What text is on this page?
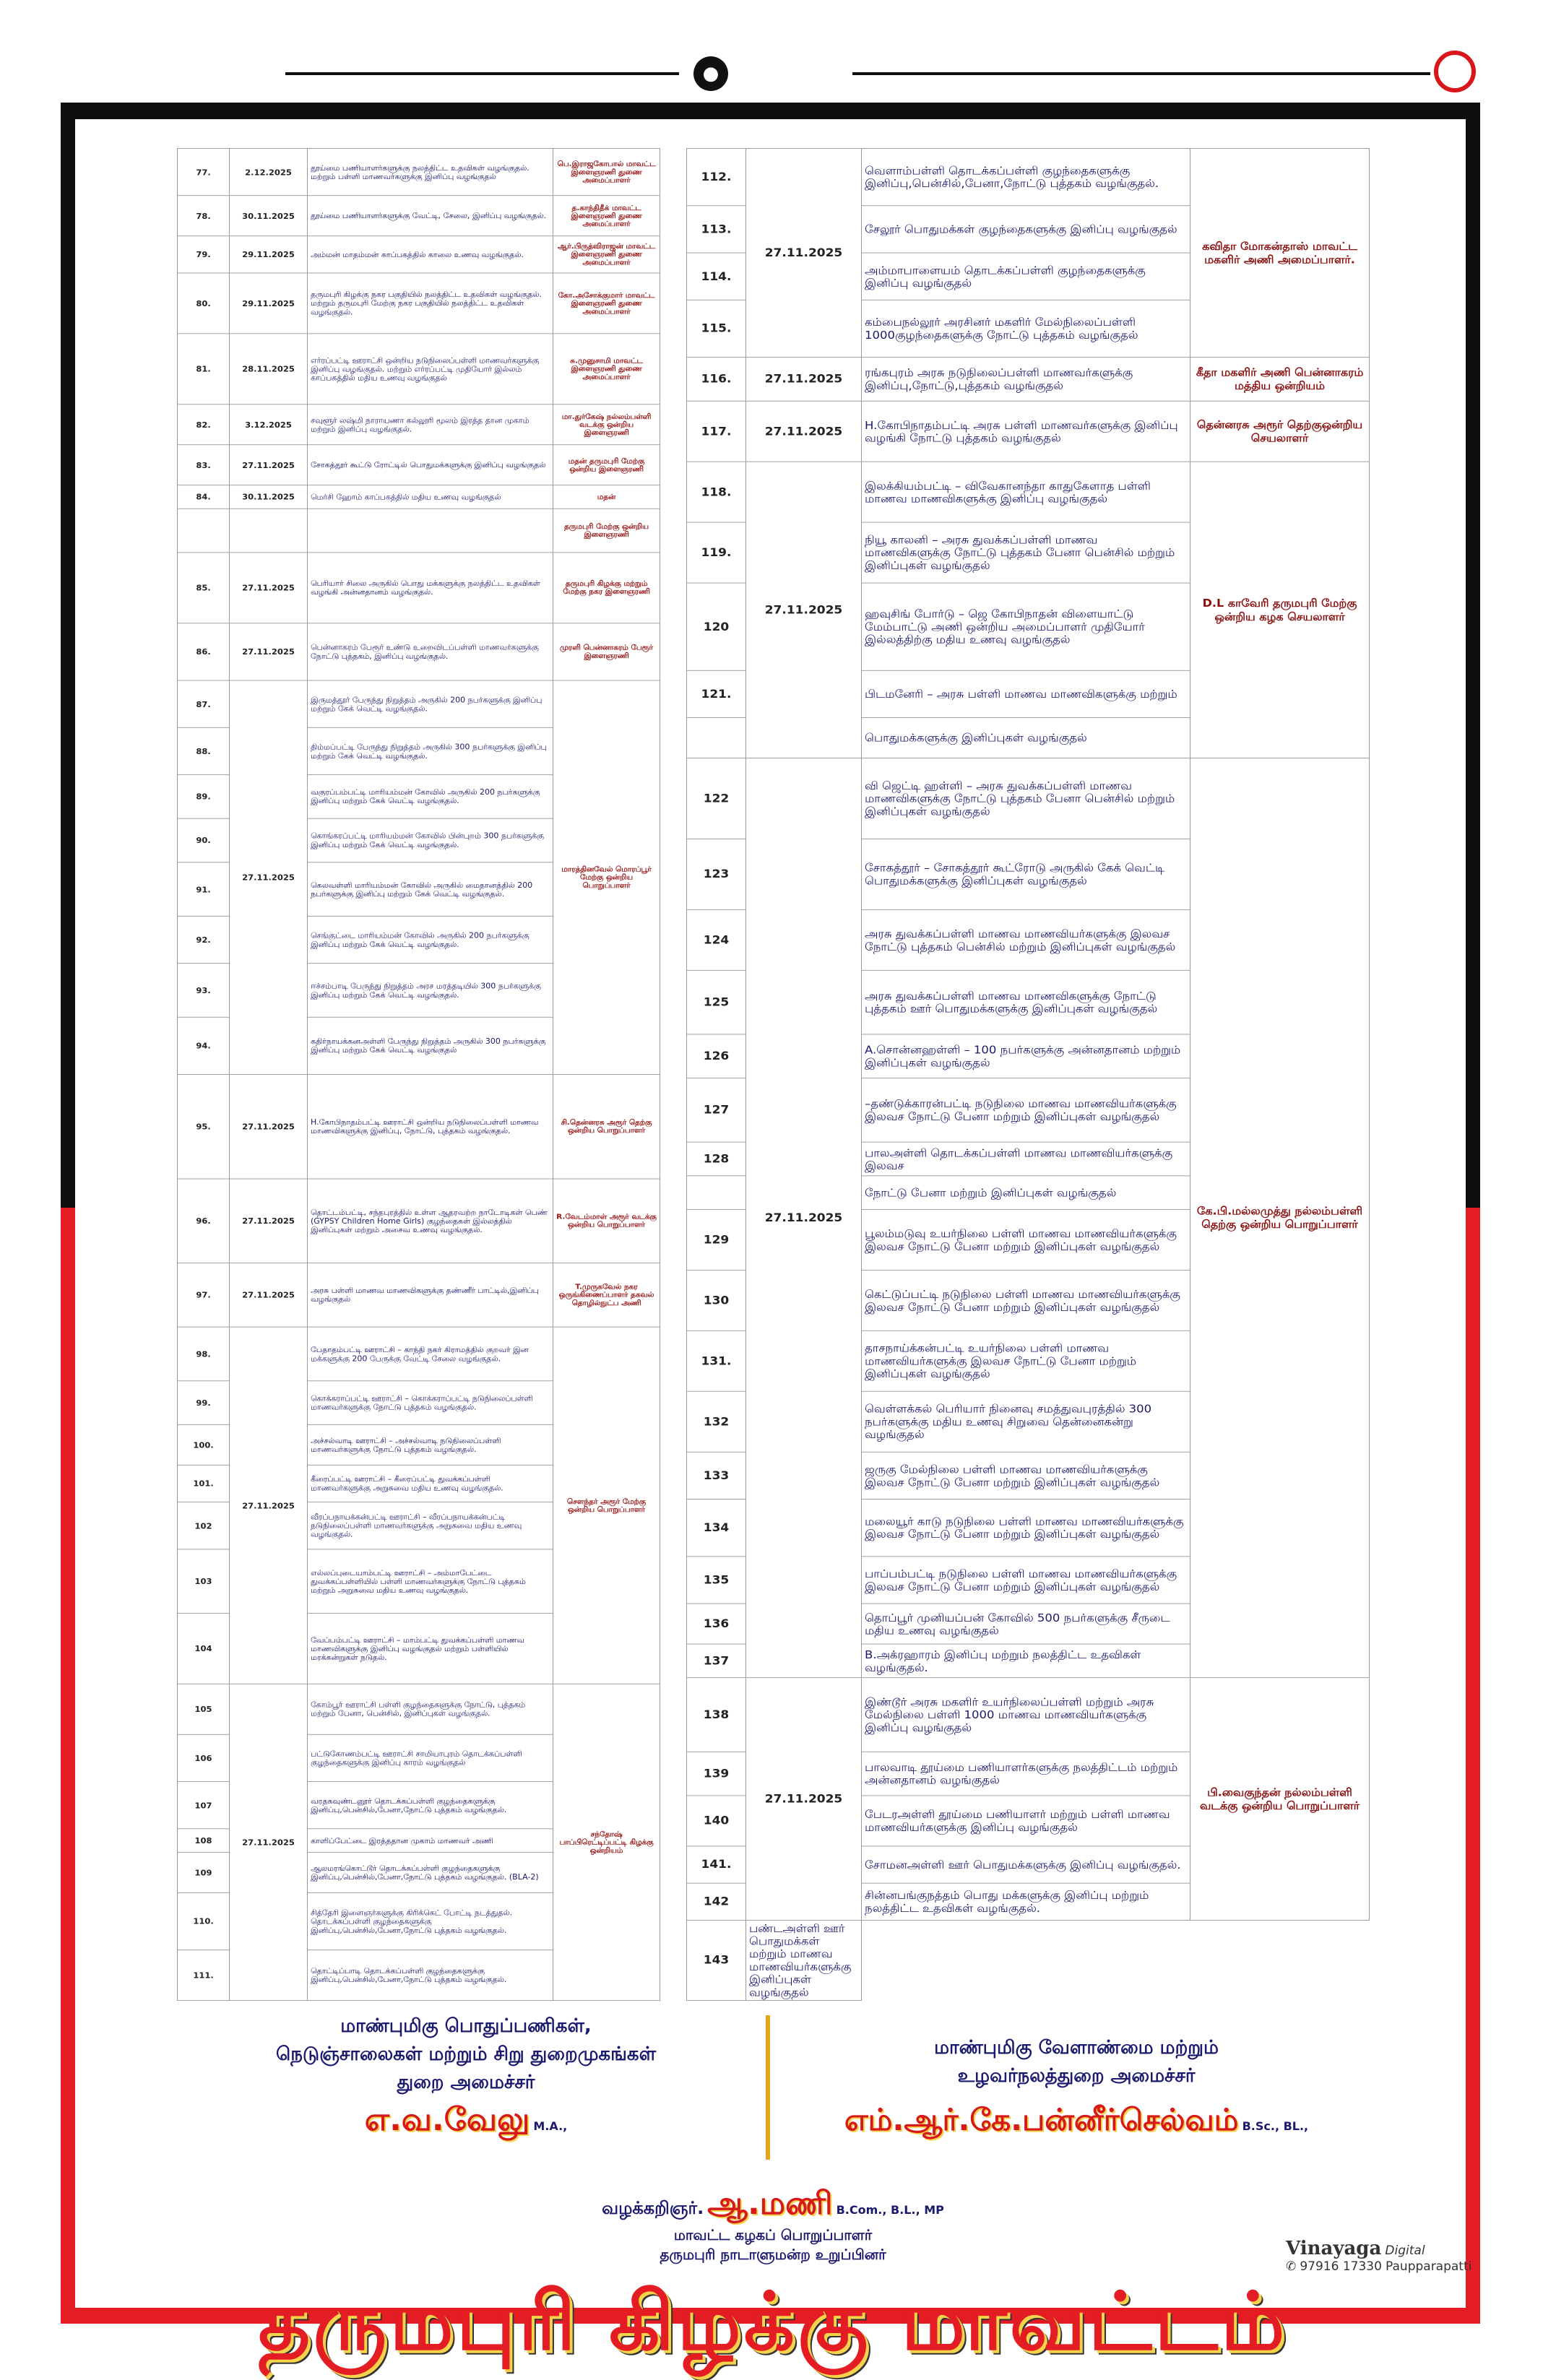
●
77.	2.12.2025	தூய்மை பணியாளர்களுக்கு நலத்திட்ட உதவிகள் வழங்குதல். மற்றும் பள்ளி மாணவர்களுக்கு இனிப்பு வழங்குதல்	பெ.இராஜகோபால் மாவட்ட இளைஞரணி துணை அமைப்பாளர்
78.	30.11.2025	தூய்மை பணியாளர்களுக்கு வேட்டி, சேலை, இனிப்பு வழங்குதல்.	த.காந்திதீக் மாவட்ட இளைஞரணி துணை அமைப்பாளர்
79.	29.11.2025	அம்மன் மாதம்மன் காப்பகத்தில் காலை உணவு வழங்குதல்.	ஆர்.பிருத்விராஜன் மாவட்ட இளைஞரணி துணை அமைப்பாளர்
80.	29.11.2025	தருமபுரி கிழக்கு நகர பகுதியில் நலத்திட்ட உதவிகள் வழங்குதல். மற்றும் தருமபுரி மேற்கு நகர பகுதியில் நலத்திட்ட உதவிகள் வழங்குதல்.	கோ.அசோக்குமார் மாவட்ட இளைஞரணி துணை அமைப்பாளர்
81.	28.11.2025	எர்ரப்பட்டி ஊராட்சி ஒன்றிய நடுநிலைப்பள்ளி மாணவர்களுக்கு இனிப்பு வழங்குதல். மற்றும் எர்ரப்பட்டி முதியோர் இல்லம் காப்பகத்தில் மதிய உணவு வழங்குதல்	சு.முனுசாமி மாவட்ட இளைஞரணி துணை அமைப்பாளர்
82.	3.12.2025	சவுளூர் லஷ்மி நாராயணா கல்லூரி மூலம் இரத்த தான முகாம் மற்றும் இனிப்பு வழங்குதல்.	மா.துர்கேஷ் நல்லம்பள்ளி வடக்கு ஒன்றிய இளைஞரணி
83.	27.11.2025	சோகத்தூர் கூட்டு ரோட்டில் பொதுமக்களுக்கு இனிப்பு வழங்குதல்	மதன் தருமபுரி மேற்கு ஒன்றிய இளைஞரணி
84.	30.11.2025	மெர்சி ஹோம் காப்பகத்தில் மதிய உணவு வழங்குதல்	மதன்
			தருமபுரி மேற்கு ஒன்றிய இளைஞரணி
85.	27.11.2025	பெரியார் சிலை அருகில் பொது மக்களுக்கு நலத்திட்ட உதவிகள் வழங்கி அன்னதானம் வழங்குதல்.	தருமபுரி கிழக்கு மற்றும் மேற்கு நகர இளைஞரணி
86.	27.11.2025	பென்னாகரம் பேரூர் உண்டு உறைவிடப்பள்ளி மாணவர்களுக்கு நோட்டு புத்தகம், இனிப்பு வழங்குதல்.	முரளி பென்னாகரம் பேரூர் இளைஞரணி
87.	27.11.2025	இருமத்தூர் பேருந்து நிறுத்தம் அருகில் 200 நபர்களுக்கு இனிப்பு மற்றும் கேக் வெட்டி வழங்குதல்.	மாரத்தினவேல் மொரப்பூர் மேற்கு ஒன்றிய பொறுப்பாளர்
88.		திம்மப்பட்டி பேருந்து நிறுத்தம் அருகில் 300 நபர்களுக்கு இனிப்பு மற்றும் கேக் வெட்டி வழங்குதல்.	
89.		வகுரப்பம்பட்டி மாரியம்மன் கோவில் அருகில் 200 நபர்களுக்கு இனிப்பு மற்றும் கேக் வெட்டி வழங்குதல்.	
90.		கொங்கரப்பட்டி மாரியம்மன் கோவில் பின்புறம் 300 நபர்களுக்கு இனிப்பு மற்றும் கேக் வெட்டி வழங்குதல்.	
91.		கெலவள்ளி மாரியம்மன் கோவில் அருகில் மைதானத்தில் 200 நபர்களுக்கு இனிப்பு மற்றும் கேக் வெட்டி வழங்குதல்.	
92.		செங்குட்டை மாரியம்மன் கோவில் அருகில் 200 நபர்களுக்கு இனிப்பு மற்றும் கேக் வெட்டி வழங்குதல்.	
93.		ஈச்சம்பாடி பேருந்து நிறுத்தம் அரச மரத்தடியில் 300 நபர்களுக்கு இனிப்பு மற்றும் கேக் வெட்டி வழங்குதல்.	
94.		கதிர்நாயக்கனஅள்ளி பேருந்து நிறுத்தம் அருகில் 300 நபர்களுக்கு இனிப்பு மற்றும் கேக் வெட்டி வழங்குதல்	
95.	27.11.2025	H.கோபிநாதம்பட்டி ஊராட்சி ஒன்றிய நடுநிலைப்பள்ளி மாணவ மாணவிகளுக்கு இனிப்பு, நோட்டு, புத்தகம் வழங்குதல்.	சி.தென்னரசு அரூர் தெற்கு ஒன்றிய பொறுப்பாளர்
96.	27.11.2025	தொட்டம்பட்டி, சந்தபுரத்தில் உள்ள ஆதரவற்ற நாடோடிகள் பெண் (GYPSY Children Home Girls) குழந்தைகள் இல்லத்தில் இனிப்புகள் மற்றும் அசைவ உணவு வழங்குதல்.	R.வேடம்மாள் அரூர் வடக்கு ஒன்றிய பொறுப்பாளர்
97.	27.11.2025	அரசு பள்ளி மாணவ மாணவிகளுக்கு தண்ணீர் பாட்டில்,இனிப்பு வழங்குதல்	T.முருகவேல் நகர ஒருங்கிணைப்பாளர் தகவல் தொழில்நுட்ப அணி
98.	27.11.2025	பேதாதம்பட்டி ஊராட்சி – காந்தி நகர் கிராமத்தில் குறவர் இன மக்களுக்கு 200 பேருக்கு வேட்டி சேலை வழங்குதல்.	சௌந்தர் அரூர் மேற்கு ஒன்றிய பொறுப்பாளர்
99.		கொக்கராப்பட்டி ஊராட்சி – கொக்கராப்பட்டி நடுநிலைப்பள்ளி மாணவர்களுக்கு நோட்டு புத்தகம் வழங்குதல்.	
100.		அச்சல்வாடி ஊராட்சி – அச்சல்வாடி நடுநிலைப்பள்ளி மாணவர்களுக்கு நோட்டு புத்தகம் வழங்குதல்.	
101.		கீரைப்பட்டி ஊராட்சி – கீரைப்பட்டி துவக்கப்பள்ளி மாணவர்களுக்கு அறுசுவை மதிய உணவு வழங்குதல்.	
102		வீரப்பநாயக்கன்பட்டி ஊராட்சி – வீரப்பநாயக்கன்பட்டி நடுநிலைப்பள்ளி மாணவர்களுக்கு அறுசுவை மதிய உணவு வழங்குதல்.	
103		எல்லப்புடையாம்பட்டி ஊராட்சி – அம்மாபேட்டை துவக்கப்பள்ளியில் பள்ளி மாணவர்களுக்கு நோட்டு புத்தகம் மற்றும் அறுசுவை மதிய உணவு வழங்குதல்.	
104		வேப்பம்பட்டி ஊராட்சி – மாம்பட்டி துவக்கப்பள்ளி மாணவ மாணவிகளுக்கு இனிப்பு வழங்குதல் மற்றும் பள்ளியில் மரக்கன்றுகள் நடுதல்.	
105	27.11.2025	கோம்பூர் ஊராட்சி பள்ளி குழந்தைகளுக்கு நோட்டு, புத்தகம் மற்றும் பேனா, பென்சில், இனிப்புகள் வழங்குதல்.	சந்தோஷ் பாப்பிரெட்டிப்பட்டி கிழக்கு ஒன்றியம்
106		பட்டுகோணம்பட்டி ஊராட்சி சாமியாபுரம் தொடக்கப்பள்ளி குழந்தைகளுக்கு இனிப்பு காரம் வழங்குதல்	
107		வரதகவுண்டனூர் தொடக்கப்பள்ளி குழந்தைகளுக்கு இனிப்பு,பென்சில்,பேனா,நோட்டு புத்தகம் வழங்குதல்.	
108		காளிப்பேட்டை இரத்ததான முகாம் மாணவர் அணி	
109		ஆலமரங்கொட்டூர் தொடக்கப்பள்ளி குழந்தைகளுக்கு இனிப்பு,பென்சில்,பேனா,நோட்டு புத்தகம் வழங்குதல். (BLA-2)	
110.		சித்தேரி இளைஞர்களுக்கு கிரிக்கெட் போட்டி நடத்துதல். தொடக்கப்பள்ளி குழந்தைகளுக்கு இனிப்பு,பென்சில்,பேனா,நோட்டு புத்தகம் வழங்குதல்.	
111.		தொட்டிப்பாடி தொடக்கப்பள்ளி குழந்தைகளுக்கு இனிப்பு,பென்சில்,பேனா,நோட்டு புத்தகம் வழங்குதல்.	
112.	27.11.2025	வெளாம்பள்ளி தொடக்கப்பள்ளி குழந்தைகளுக்கு இனிப்பு,பென்சில்,பேனா,நோட்டு புத்தகம் வழங்குதல்.	கவிதா மோகன்தாஸ் மாவட்ட மகளிர் அணி அமைப்பாளர்.
113.		சேலூர் பொதுமக்கள் குழந்தைகளுக்கு இனிப்பு வழங்குதல்	
114.		அம்மாபாளையம் தொடக்கப்பள்ளி குழந்தைகளுக்கு இனிப்பு வழங்குதல்	
115.		கம்பைநல்லூர் அரசினர் மகளிர் மேல்நிலைப்பள்ளி 1000குழந்தைகளுக்கு நோட்டு புத்தகம் வழங்குதல்	
116.	27.11.2025	ரங்கபுரம் அரசு நடுநிலைப்பள்ளி மாணவர்களுக்கு இனிப்பு,நோட்டு,புத்தகம் வழங்குதல்	கீதா மகளிர் அணி பென்னாகரம் மத்திய ஒன்றியம்
117.	27.11.2025	H.கோபிநாதம்பட்டி அரசு பள்ளி மாணவர்களுக்கு இனிப்பு வழங்கி நோட்டு புத்தகம் வழங்குதல்	தென்னரசு அரூர் தெற்குஒன்றிய செயலாளர்
118.	27.11.2025	இலக்கியம்பட்டி – விவேகானந்தா காதுகேளாத பள்ளி மாணவ மாணவிகளுக்கு இனிப்பு வழங்குதல்	D.L காவேரி தருமபுரி மேற்கு ஒன்றிய கழக செயலாளர்
119.		நியூ காலனி – அரசு துவக்கப்பள்ளி மாணவ மாணவிகளுக்கு நோட்டு புத்தகம் பேனா பென்சில் மற்றும் இனிப்புகள் வழங்குதல்	
120		ஹவுசிங் போர்டு – ஜெ கோபிநாதன் விளையாட்டு மேம்பாட்டு அணி ஒன்றிய அமைப்பாளர் முதியோர் இல்லத்திற்கு மதிய உணவு வழங்குதல்	
121.		பிடமனேரி – அரசு பள்ளி மாணவ மாணவிகளுக்கு மற்றும்	
		பொதுமக்களுக்கு இனிப்புகள் வழங்குதல்	
122	27.11.2025	வி ஜெட்டி ஹள்ளி – அரசு துவக்கப்பள்ளி மாணவ மாணவிகளுக்கு நோட்டு புத்தகம் பேனா பென்சில் மற்றும் இனிப்புகள் வழங்குதல்	கே.பி.மல்லமுத்து நல்லம்பள்ளி தெற்கு ஒன்றிய பொறுப்பாளர்
123		சோகத்தூர் – சோகத்தூர் கூட்ரோடு அருகில் கேக் வெட்டி பொதுமக்களுக்கு இனிப்புகள் வழங்குதல்	
124		அரசு துவக்கப்பள்ளி மாணவ மாணவியர்களுக்கு இலவச நோட்டு புத்தகம் பென்சில் மற்றும் இனிப்புகள் வழங்குதல்	
125		அரசு துவக்கப்பள்ளி மாணவ மாணவிகளுக்கு நோட்டு புத்தகம் ஊர் பொதுமக்களுக்கு இனிப்புகள் வழங்குதல்	
126		A.சொன்னஹள்ளி – 100 நபர்களுக்கு அன்னதானம் மற்றும் இனிப்புகள் வழங்குதல்	
127		–தண்டுக்காரன்பட்டி நடுநிலை மாணவ மாணவியர்களுக்கு இலவச நோட்டு பேனா மற்றும் இனிப்புகள் வழங்குதல்	
128		பாலஅள்ளி தொடக்கப்பள்ளி மாணவ மாணவியர்களுக்கு இலவச	
		நோட்டு பேனா மற்றும் இனிப்புகள் வழங்குதல்	
129		பூலம்மடுவு உயர்நிலை பள்ளி மாணவ மாணவியர்களுக்கு இலவச நோட்டு பேனா மற்றும் இனிப்புகள் வழங்குதல்	
130		கெட்டுப்பட்டி நடுநிலை பள்ளி மாணவ மாணவியர்களுக்கு இலவச நோட்டு பேனா மற்றும் இனிப்புகள் வழங்குதல்	
131.		தாசநாய்க்கன்பட்டி உயர்நிலை பள்ளி மாணவ மாணவியர்களுக்கு இலவச நோட்டு பேனா மற்றும் இனிப்புகள் வழங்குதல்	
132		வெள்ளக்கல் பெரியார் நினைவு சமத்துவபுரத்தில் 300 நபர்களுக்கு மதிய உணவு சிறுவை தென்னைகன்று வழங்குதல்	
133		ஜருகு மேல்நிலை பள்ளி மாணவ மாணவியர்களுக்கு இலவச நோட்டு பேனா மற்றும் இனிப்புகள் வழங்குதல்	
134		மலையூர் காடு நடுநிலை பள்ளி மாணவ மாணவியர்களுக்கு இலவச நோட்டு பேனா மற்றும் இனிப்புகள் வழங்குதல்	
135		பாப்பம்பட்டி நடுநிலை பள்ளி மாணவ மாணவியர்களுக்கு இலவச நோட்டு பேனா மற்றும் இனிப்புகள் வழங்குதல்	
136		தொப்பூர் முனியப்பன் கோவில் 500 நபர்களுக்கு சீருடை மதிய உணவு வழங்குதல்	
137		B.அக்ரஹாரம் இனிப்பு மற்றும் நலத்திட்ட உதவிகள் வழங்குதல்.	
138	27.11.2025	இண்டூர் அரசு மகளிர் உயர்நிலைப்பள்ளி மற்றும் அரசு மேல்நிலை பள்ளி 1000 மாணவ மாணவியர்களுக்கு இனிப்பு வழங்குதல்	பி.வைகுந்தன் நல்லம்பள்ளி வடக்கு ஒன்றிய பொறுப்பாளர்
139		பாலவாடி தூய்மை பணியாளர்களுக்கு நலத்திட்டம் மற்றும் அன்னதானம் வழங்குதல்	
140		பேடரஅள்ளி தூய்மை பணியாளர் மற்றும் பள்ளி மாணவ மாணவியர்களுக்கு இனிப்பு வழங்குதல்	
141.		சோமனஅள்ளி ஊர் பொதுமக்களுக்கு இனிப்பு வழங்குதல்.	
142		சின்னபங்குநத்தம் பொது மக்களுக்கு இனிப்பு மற்றும் நலத்திட்ட உதவிகள் வழங்குதல்.	
143	பண்டஅள்ளி ஊர் பொதுமக்கள் மற்றும் மாணவ மாணவியர்களுக்கு இனிப்புகள் வழங்குதல்		
மாண்புமிகு பொதுப்பணிகள்,
நெடுஞ்சாலைகள் மற்றும் சிறு துறைமுகங்கள்
துறை அமைச்சர்
எ.வ.வேலு M.A.,
மாண்புமிகு வேளாண்மை மற்றும்
உழவர்நலத்துறை அமைச்சர்
எம்.ஆர்.கே.பன்னீர்செல்வம் B.Sc., BL.,
வழக்கறிஞர். ஆ.மணி B.Com., B.L., MP
மாவட்ட கழகப் பொறுப்பாளர்
தருமபுரி நாடாளுமன்ற உறுப்பினர்
தருமபுரி கிழக்கு மாவட்டம்
Vinayaga Digital
✆ 97916 17330 Paupparapatti
